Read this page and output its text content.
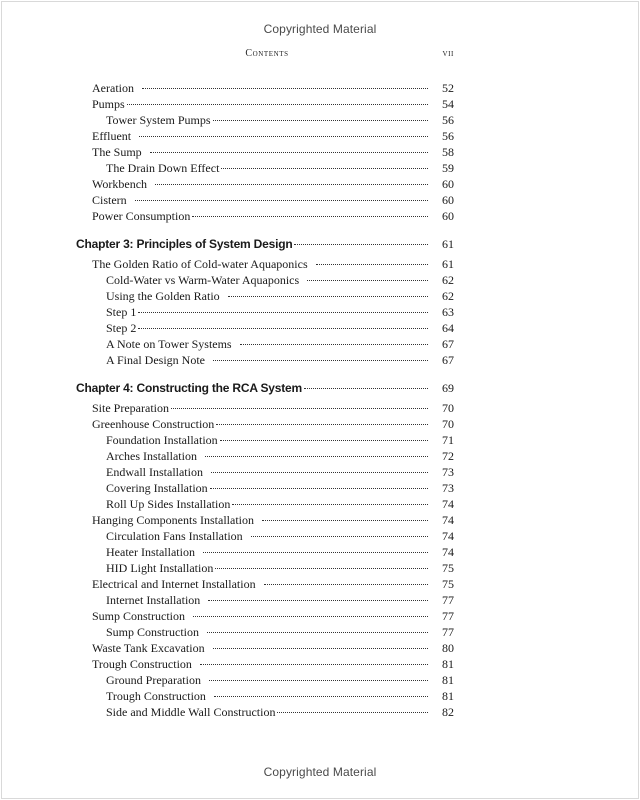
Copyrighted Material
Contents	vii
Aeration	52
Pumps	54
Tower System Pumps	56
Effluent	56
The Sump	58
The Drain Down Effect	59
Workbench	60
Cistern	60
Power Consumption	60
Chapter 3: Principles of System Design	61
The Golden Ratio of Cold-water Aquaponics	61
Cold-Water vs Warm-Water Aquaponics	62
Using the Golden Ratio	62
Step 1	63
Step 2	64
A Note on Tower Systems	67
A Final Design Note	67
Chapter 4: Constructing the RCA System	69
Site Preparation	70
Greenhouse Construction	70
Foundation Installation	71
Arches Installation	72
Endwall Installation	73
Covering Installation	73
Roll Up Sides Installation	74
Hanging Components Installation	74
Circulation Fans Installation	74
Heater Installation	74
HID Light Installation	75
Electrical and Internet Installation	75
Internet Installation	77
Sump Construction	77
Sump Construction	77
Waste Tank Excavation	80
Trough Construction	81
Ground Preparation	81
Trough Construction	81
Side and Middle Wall Construction	82
Copyrighted Material
